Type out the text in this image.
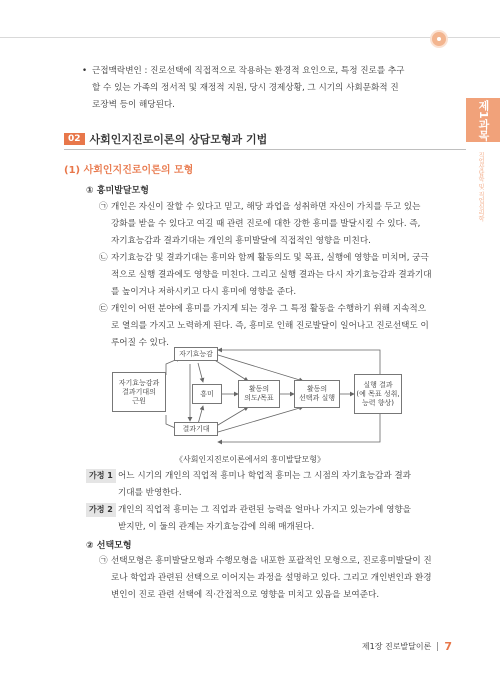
제1과목
직업상담학 및 직업심리학
• 근접맥락변인 : 진로선택에 직접적으로 작용하는 환경적 요인으로, 특정 진로를 추구
할 수 있는 가족의 정서적 및 재정적 지원, 당시 경제상황, 그 시기의 사회문화적 진
로장벽 등이 해당된다.
02 사회인지진로이론의 상담모형과 기법
(1) 사회인지진로이론의 모형
① 흥미발달모형
㉠ 개인은 자신이 잘할 수 있다고 믿고, 해당 과업을 성취하면 자신이 가치를 두고 있는
강화를 받을 수 있다고 여길 때 관련 진로에 대한 강한 흥미를 발달시킬 수 있다. 즉,
자기효능감과 결과기대는 개인의 흥미발달에 직접적인 영향을 미친다.
㉡ 자기효능감 및 결과기대는 흥미와 함께 활동의도 및 목표, 실행에 영향을 미치며, 궁극
적으로 실행 결과에도 영향을 미친다. 그리고 실행 결과는 다시 자기효능감과 결과기대
를 높이거나 저하시키고 다시 흥미에 영향을 준다.
㉢ 개인이 어떤 분야에 흥미를 가지게 되는 경우 그 특정 활동을 수행하기 위해 지속적으
로 열의를 가지고 노력하게 된다. 즉, 흥미로 인해 진로발달이 일어나고 진로선택도 이
루어질 수 있다.
자기효능감
자기효능감과
결과기대의
근원
흥미
활동의
의도/목표
활동의
선택과 실행
실행 결과
(예 목표 성취,
능력 향상)
결과기대
《사회인지진로이론에서의 흥미발달모형》
가정 1 어느 시기의 개인의 직업적 흥미나 학업적 흥미는 그 시점의 자기효능감과 결과
기대를 반영한다.
가정 2 개인의 직업적 흥미는 그 직업과 관련된 능력을 얼마나 가지고 있는가에 영향을
받지만, 이 둘의 관계는 자기효능감에 의해 매개된다.
② 선택모형
㉠ 선택모형은 흥미발달모형과 수행모형을 내포한 포괄적인 모형으로, 진로흥미발달이 진
로나 학업과 관련된 선택으로 이어지는 과정을 설명하고 있다. 그리고 개인변인과 환경
변인이 진로 관련 선택에 직·간접적으로 영향을 미치고 있음을 보여준다.
제1장 진로발달이론 7
